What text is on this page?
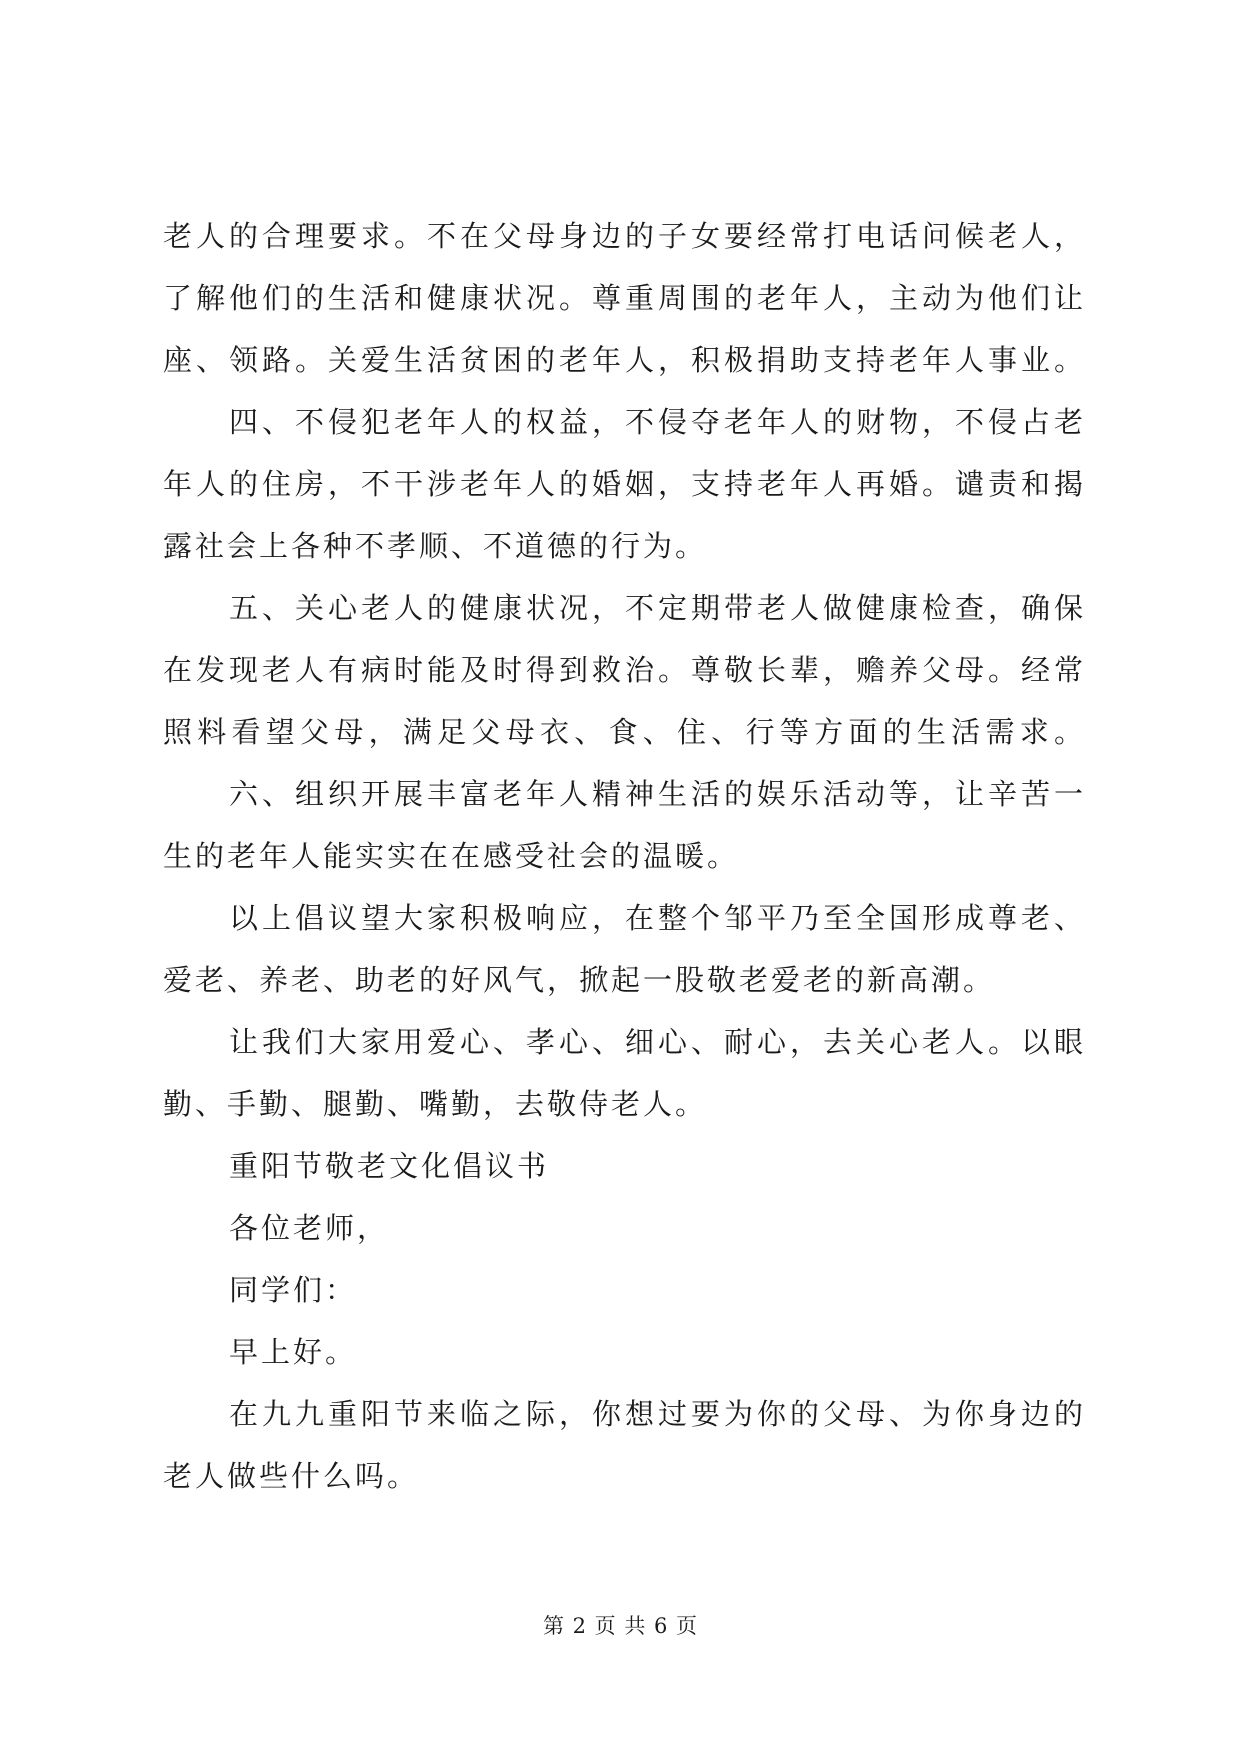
老人的合理要求。不在父母身边的子女要经常打电话问候老人，
了解他们的生活和健康状况。尊重周围的老年人，主动为他们让
座、领路。关爱生活贫困的老年人，积极捐助支持老年人事业。
四、不侵犯老年人的权益，不侵夺老年人的财物，不侵占老
年人的住房，不干涉老年人的婚姻，支持老年人再婚。谴责和揭
露社会上各种不孝顺、不道德的行为。
五、关心老人的健康状况，不定期带老人做健康检查，确保
在发现老人有病时能及时得到救治。尊敬长辈，赡养父母。经常
照料看望父母，满足父母衣、食、住、行等方面的生活需求。
六、组织开展丰富老年人精神生活的娱乐活动等，让辛苦一
生的老年人能实实在在感受社会的温暖。
以上倡议望大家积极响应，在整个邹平乃至全国形成尊老、
爱老、养老、助老的好风气，掀起一股敬老爱老的新高潮。
让我们大家用爱心、孝心、细心、耐心，去关心老人。以眼
勤、手勤、腿勤、嘴勤，去敬侍老人。
重阳节敬老文化倡议书
各位老师，
同学们：
早上好。
在九九重阳节来临之际，你想过要为你的父母、为你身边的
老人做些什么吗。
第 2 页 共 6 页
